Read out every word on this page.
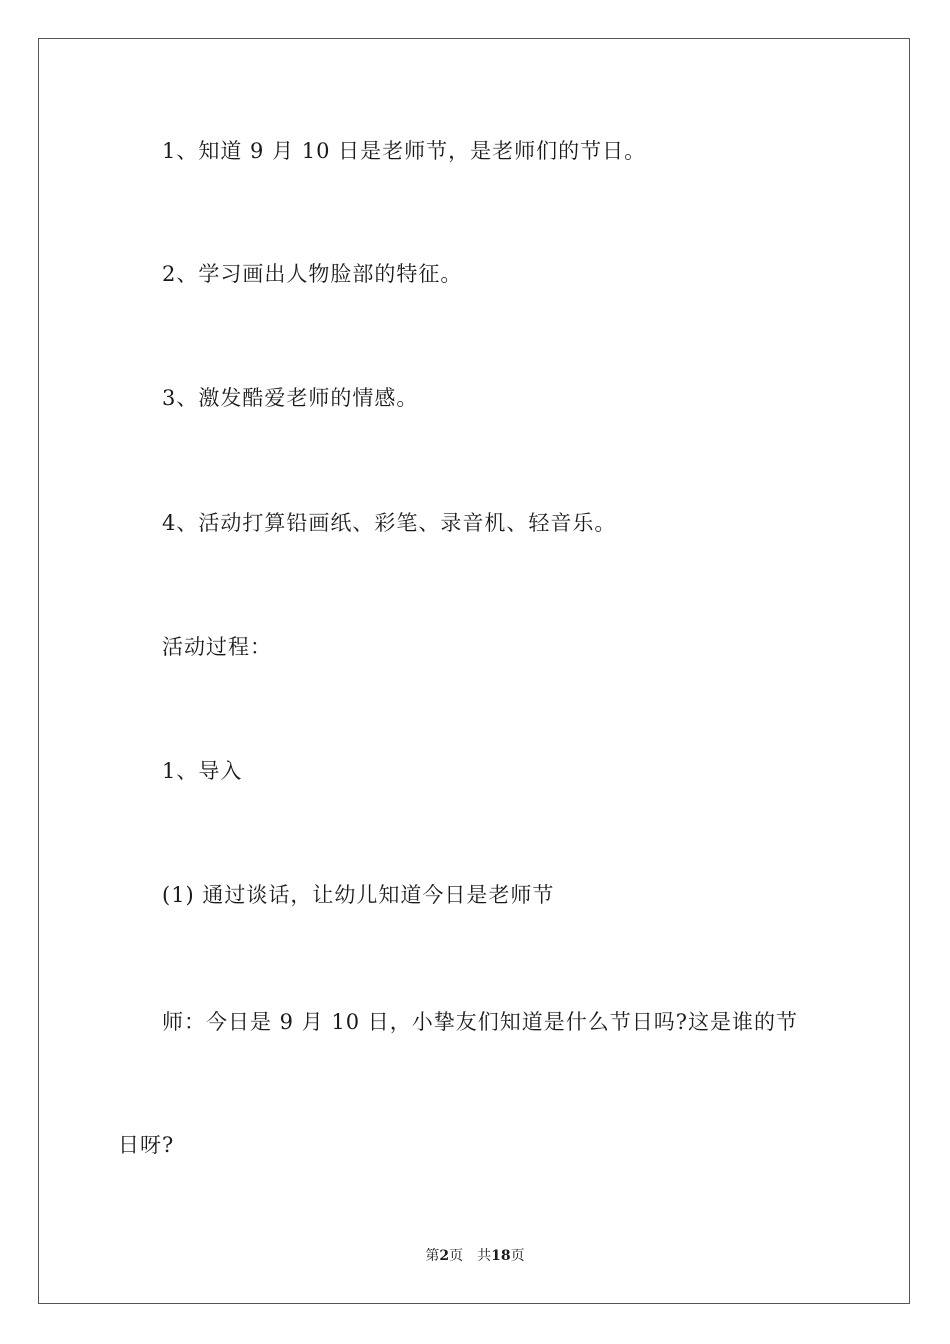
1、知道 9 月 10 日是老师节，是老师们的节日。
2、学习画出人物脸部的特征。
3、激发酷爱老师的情感。
4、活动打算铅画纸、彩笔、录音机、轻音乐。
活动过程：
1、导入
(1) 通过谈话，让幼儿知道今日是老师节
师：今日是 9 月 10 日，小挚友们知道是什么节日吗?这是谁的节
日呀?
第2页 共18页
